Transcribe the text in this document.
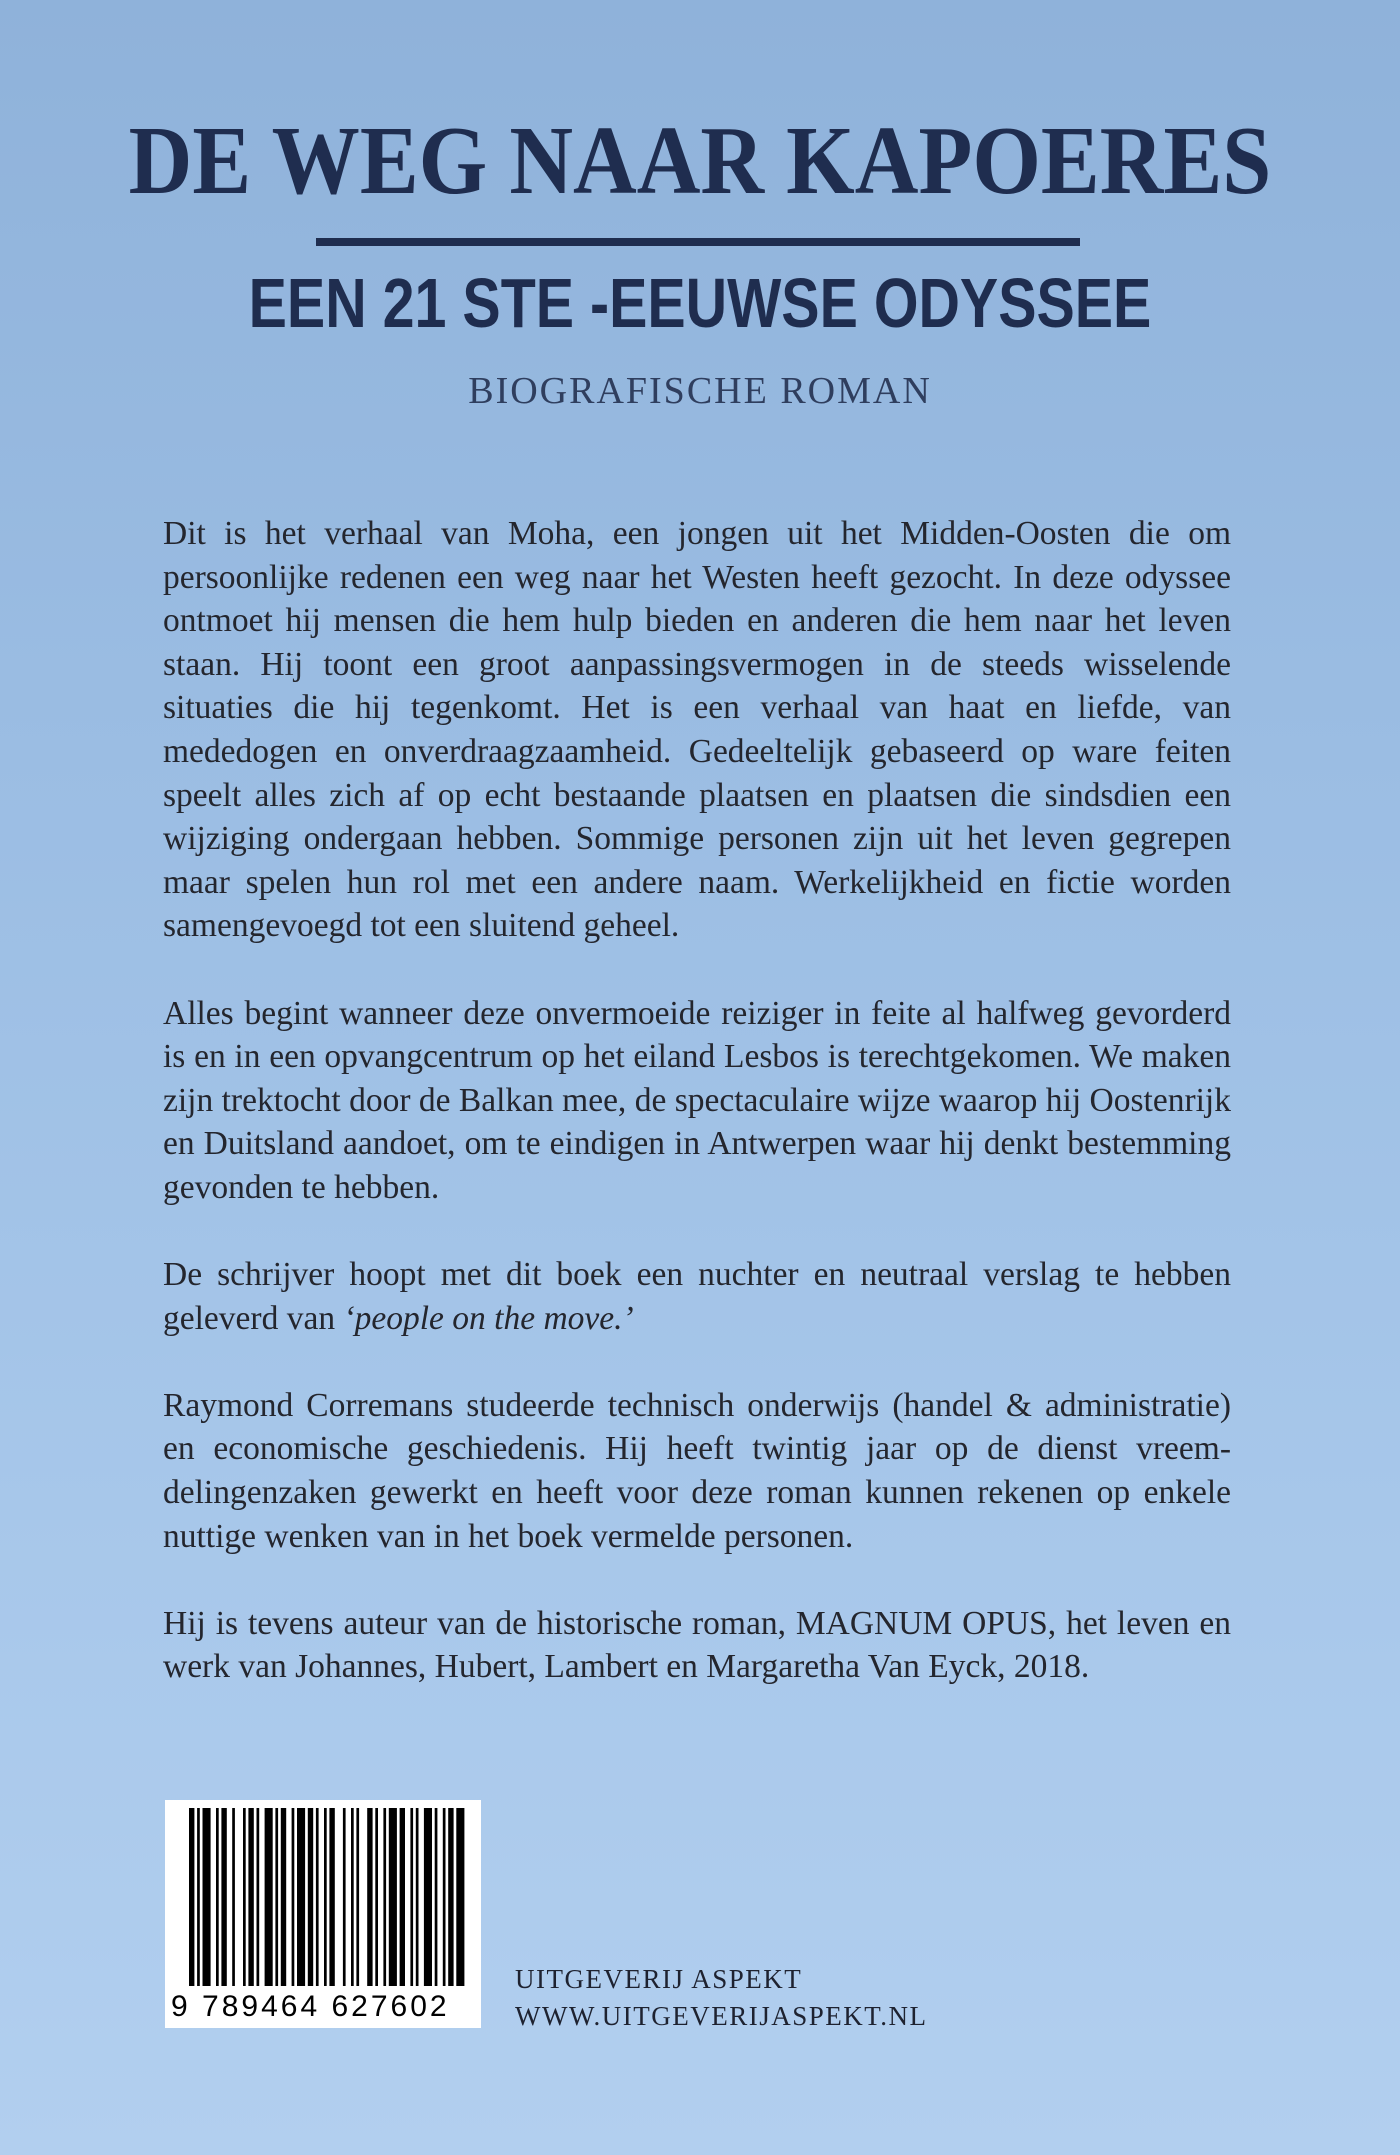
DE WEG NAAR KAPOERES
EEN 21 STE -EEUWSE ODYSSEE
BIOGRAFISCHE ROMAN

Dit is het verhaal van Moha, een jongen uit het Midden-Oosten die om persoonlijke redenen een weg naar het Westen heeft gezocht. In deze odyssee ontmoet hij mensen die hem hulp bieden en anderen die hem naar het leven staan. Hij toont een groot aanpassingsvermogen in de steeds wisselende situaties die hij tegenkomt. Het is een verhaal van haat en liefde, van mededogen en onverdraagzaamheid. Gedeeltelijk gebaseerd op ware feiten speelt alles zich af op echt bestaande plaatsen en plaatsen die sindsdien een wijziging ondergaan hebben. Sommige personen zijn uit het leven gegrepen maar spelen hun rol met een andere naam. Werkelijkheid en fictie worden samengevoegd tot een sluitend geheel.

Alles begint wanneer deze onvermoeide reiziger in feite al halfweg gevorderd is en in een opvangcentrum op het eiland Lesbos is terechtgekomen. We maken zijn trektocht door de Balkan mee, de spectaculaire wijze waarop hij Oostenrijk en Duitsland aandoet, om te eindigen in Antwerpen waar hij denkt bestemming gevonden te hebben.

De schrijver hoopt met dit boek een nuchter en neutraal verslag te hebben geleverd van ‘people on the move.’

Raymond Corremans studeerde technisch onderwijs (handel & administratie) en economische geschiedenis. Hij heeft twintig jaar op de dienst vreemdelingenzaken gewerkt en heeft voor deze roman kunnen rekenen op enkele nuttige wenken van in het boek vermelde personen.

Hij is tevens auteur van de historische roman, MAGNUM OPUS, het leven en werk van Johannes, Hubert, Lambert en Margaretha Van Eyck, 2018.

9 789464 627602
UITGEVERIJ ASPEKT
WWW.UITGEVERIJASPEKT.NL
